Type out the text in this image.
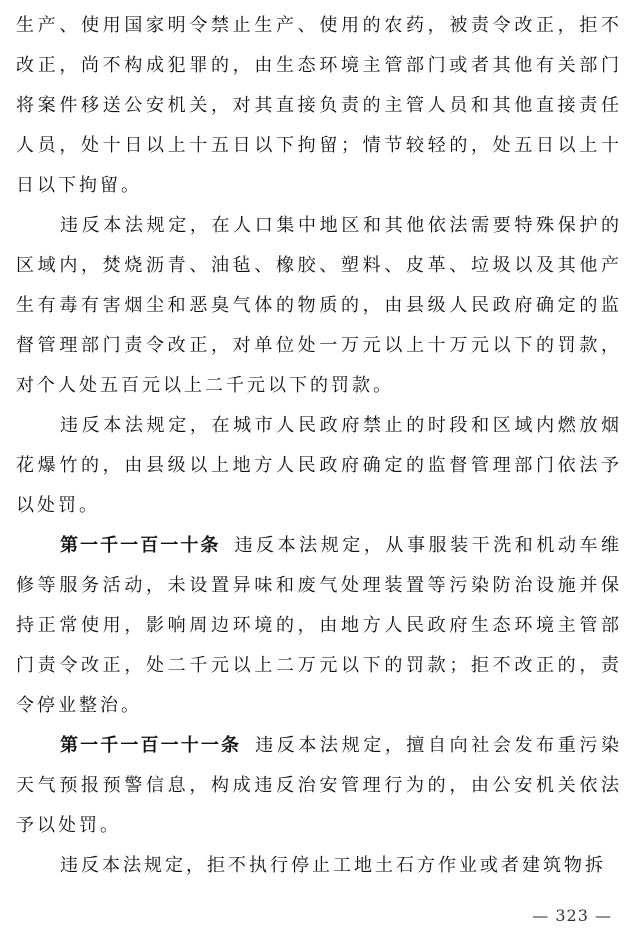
生产、使用国家明令禁止生产、使用的农药，被责令改正，拒不改正，尚不构成犯罪的，由生态环境主管部门或者其他有关部门将案件移送公安机关，对其直接负责的主管人员和其他直接责任人员，处十日以上十五日以下拘留；情节较轻的，处五日以上十日以下拘留。

违反本法规定，在人口集中地区和其他依法需要特殊保护的区域内，焚烧沥青、油毡、橡胶、塑料、皮革、垃圾以及其他产生有毒有害烟尘和恶臭气体的物质的，由县级人民政府确定的监督管理部门责令改正，对单位处一万元以上十万元以下的罚款，对个人处五百元以上二千元以下的罚款。

违反本法规定，在城市人民政府禁止的时段和区域内燃放烟花爆竹的，由县级以上地方人民政府确定的监督管理部门依法予以处罚。

第一千一百一十条 违反本法规定，从事服装干洗和机动车维修等服务活动，未设置异味和废气处理装置等污染防治设施并保持正常使用，影响周边环境的，由地方人民政府生态环境主管部门责令改正，处二千元以上二万元以下的罚款；拒不改正的，责令停业整治。

第一千一百一十一条 违反本法规定，擅自向社会发布重污染天气预报预警信息，构成违反治安管理行为的，由公安机关依法予以处罚。

违反本法规定，拒不执行停止工地土石方作业或者建筑物拆

— 323 —
